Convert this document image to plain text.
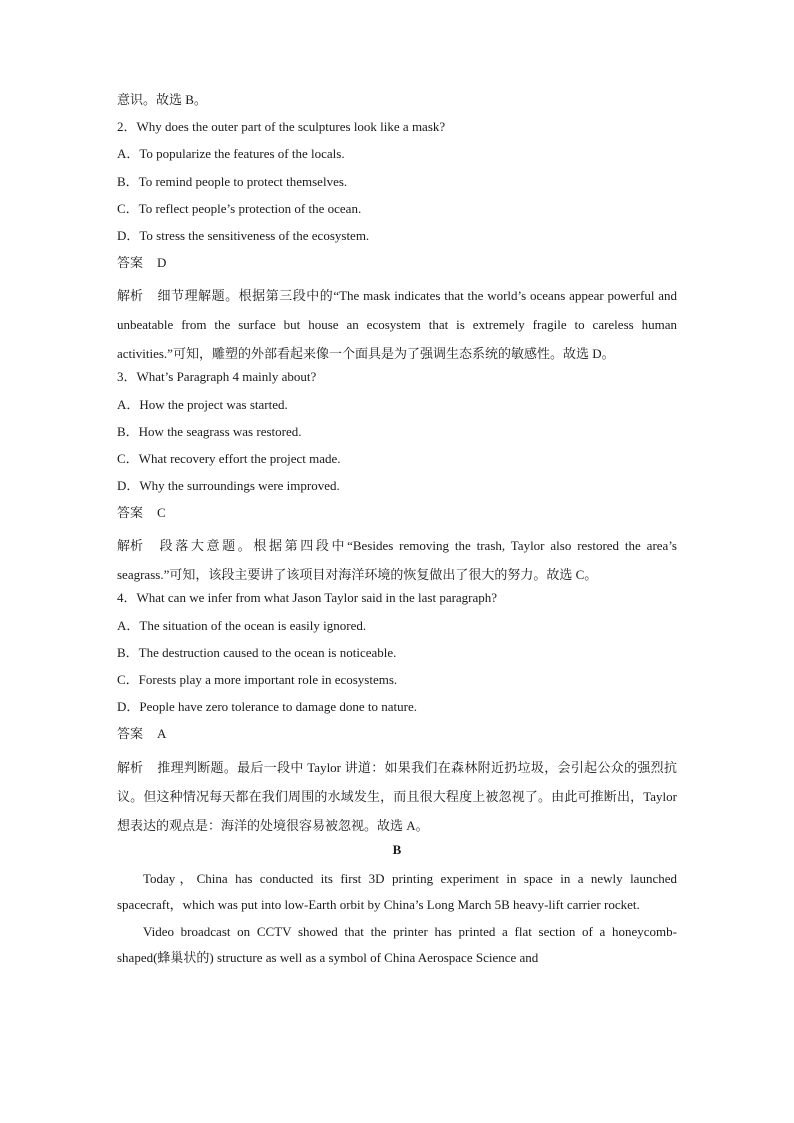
意识。故选 B。
2．Why does the outer part of the sculptures look like a mask?
A．To popularize the features of the locals.
B．To remind people to protect themselves.
C．To reflect people’s protection of the ocean.
D．To stress the sensitiveness of the ecosystem.
答案 D
解析 细节理解题。根据第三段中的“The mask indicates that the world’s oceans appear powerful and unbeatable from the surface but house an ecosystem that is extremely fragile to careless human activities.”可知，雕塑的外部看起来像一个面具是为了强调生态系统的敏感性。故选 D。
3．What’s Paragraph 4 mainly about?
A．How the project was started.
B．How the seagrass was restored.
C．What recovery effort the project made.
D．Why the surroundings were improved.
答案 C
解析 段落大意题。根据第四段中“Besides removing the trash, Taylor also restored the area’s seagrass.”可知，该段主要讲了该项目对海洋环境的恢复做出了很大的努力。故选 C。
4．What can we infer from what Jason Taylor said in the last paragraph?
A．The situation of the ocean is easily ignored.
B．The destruction caused to the ocean is noticeable.
C．Forests play a more important role in ecosystems.
D．People have zero tolerance to damage done to nature.
答案 A
解析 推理判断题。最后一段中 Taylor 讲道：如果我们在森林附近扔垃圾，会引起公众的强烈抗议。但这种情况每天都在我们周围的水域发生，而且很大程度上被忽视了。由此可推断出，Taylor 想表达的观点是：海洋的处境很容易被忽视。故选 A。
B
Today，China has conducted its first 3D printing experiment in space in a newly launched spacecraft，which was put into low-Earth orbit by China’s Long March 5B heavy-lift carrier rocket.
Video broadcast on CCTV showed that the printer has printed a flat section of a honeycomb-shaped(蜂巢状的) structure as well as a symbol of China Aerospace Science and
